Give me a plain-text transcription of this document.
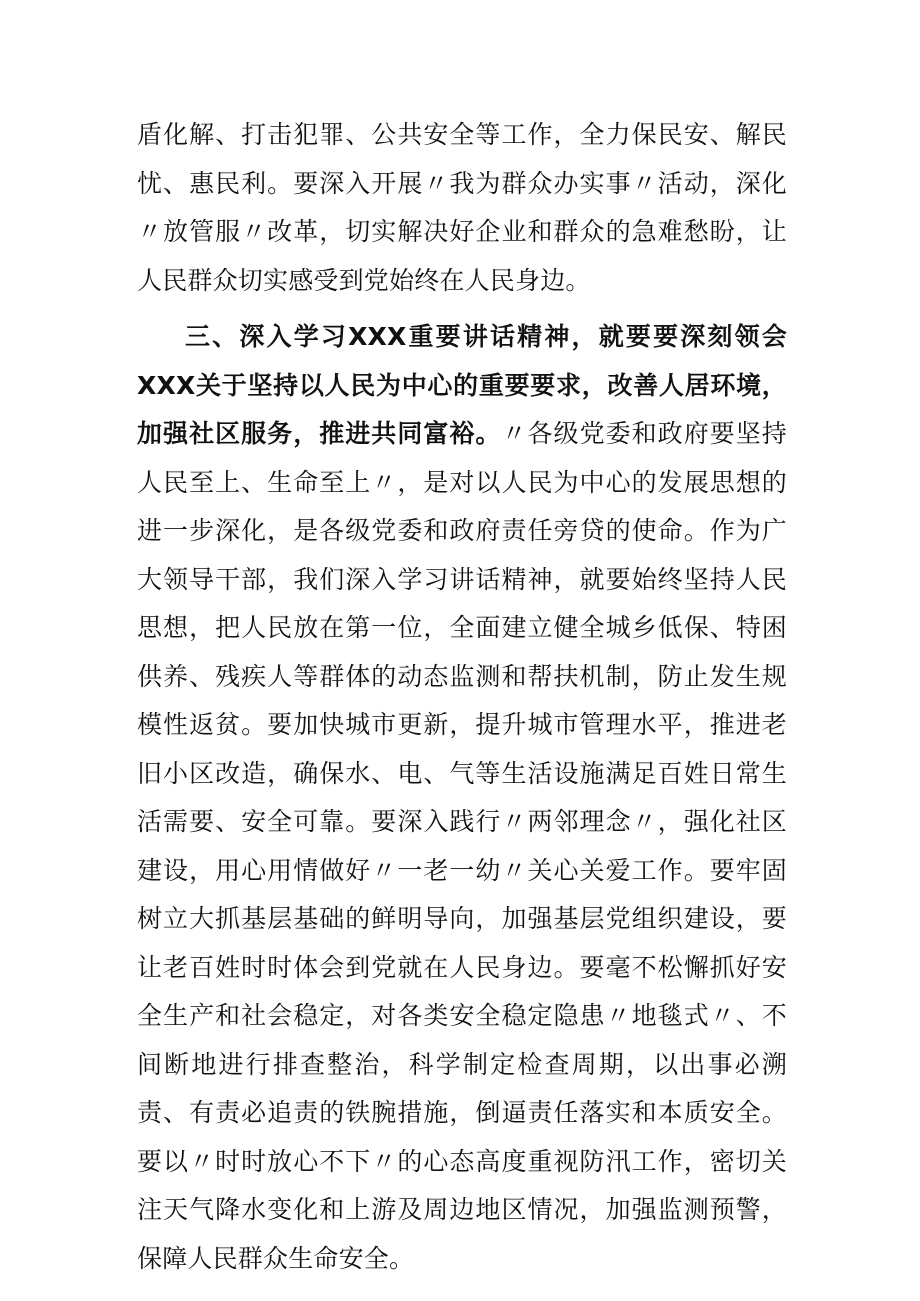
盾化解、打击犯罪、公共安全等工作，全力保民安、解民忧、惠民利。要深入开展〃我为群众办实事〃活动，深化〃放管服〃改革，切实解决好企业和群众的急难愁盼，让人民群众切实感受到党始终在人民身边。

三、深入学习XXX重要讲话精神，就要要深刻领会XXX关于坚持以人民为中心的重要要求，改善人居环境，加强社区服务，推进共同富裕。〃各级党委和政府要坚持人民至上、生命至上〃，是对以人民为中心的发展思想的进一步深化，是各级党委和政府责任旁贷的使命。作为广大领导干部，我们深入学习讲话精神，就要始终坚持人民思想，把人民放在第一位，全面建立健全城乡低保、特困供养、残疾人等群体的动态监测和帮扶机制，防止发生规模性返贫。要加快城市更新，提升城市管理水平，推进老旧小区改造，确保水、电、气等生活设施满足百姓日常生活需要、安全可靠。要深入践行〃两邻理念〃，强化社区建设，用心用情做好〃一老一幼〃关心关爱工作。要牢固树立大抓基层基础的鲜明导向，加强基层党组织建设，要让老百姓时时体会到党就在人民身边。要毫不松懈抓好安全生产和社会稳定，对各类安全稳定隐患〃地毯式〃、不间断地进行排查整治，科学制定检查周期，以出事必溯责、有责必追责的铁腕措施，倒逼责任落实和本质安全。要以〃时时放心不下〃的心态高度重视防汛工作，密切关注天气降水变化和上游及周边地区情况，加强监测预警，保障人民群众生命安全。
